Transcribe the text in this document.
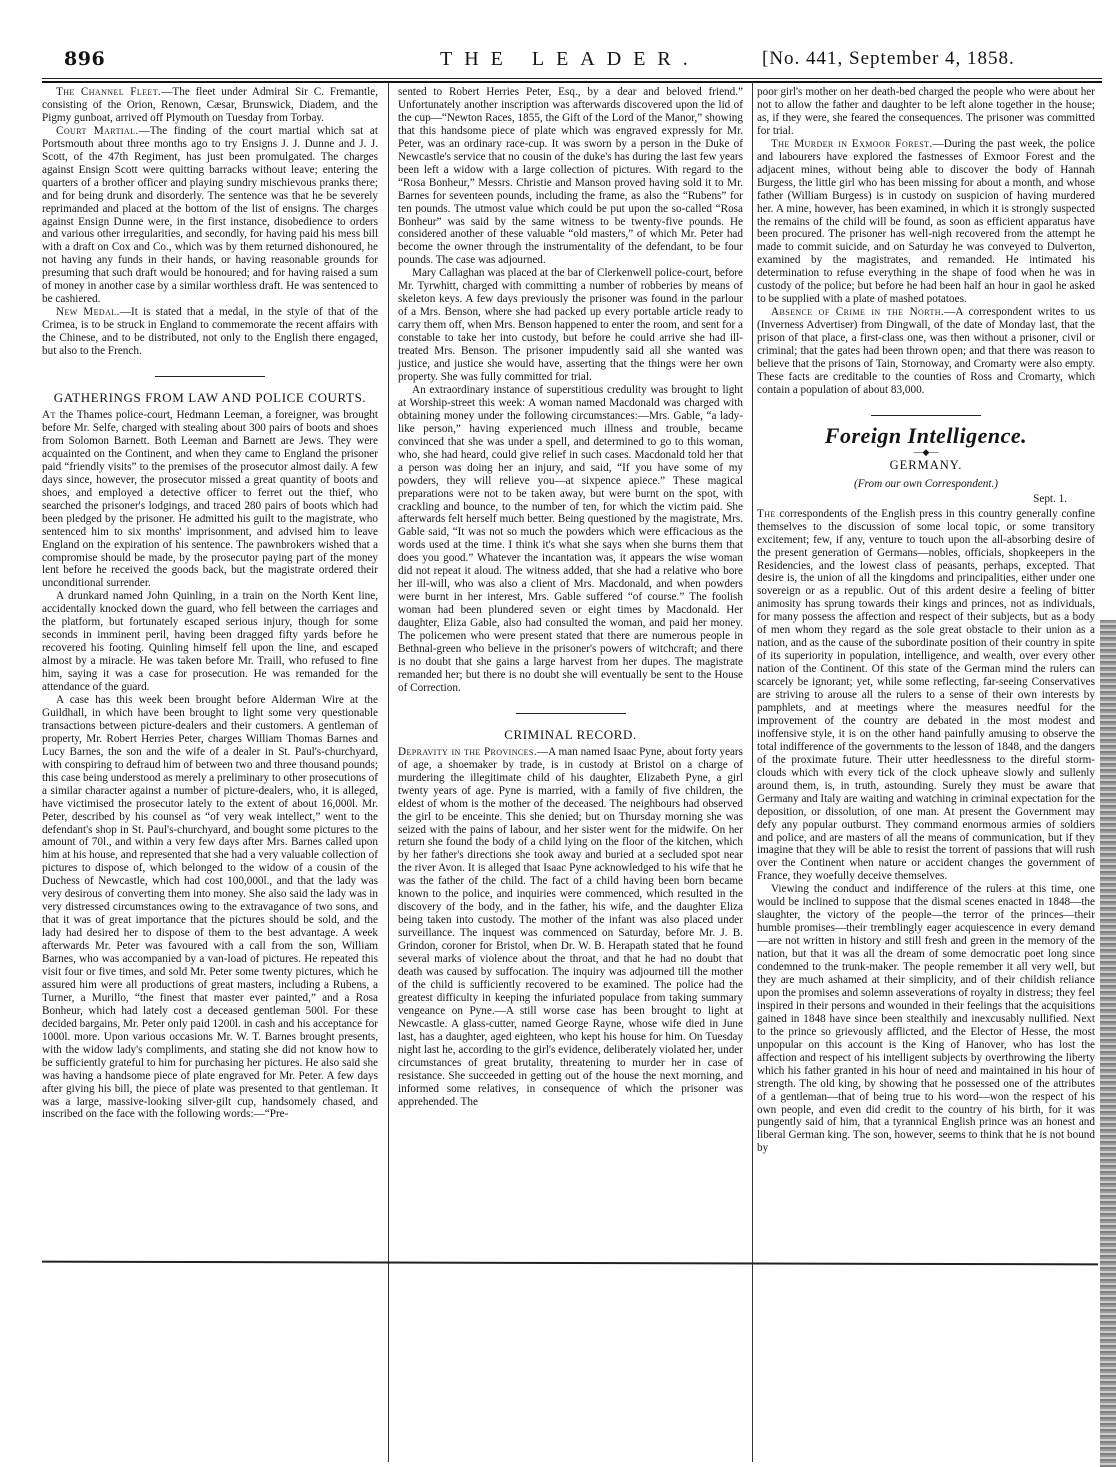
896	THE LEADER.	[No. 441, September 4, 1858.

The Channel Fleet.—The fleet under Admiral Sir C. Fremantle, consisting of the Orion, Renown, Cæsar, Brunswick, Diadem, and the Pigmy gunboat, arrived off Plymouth on Tuesday from Torbay.

Court Martial.—The finding of the court martial which sat at Portsmouth about three months ago to try Ensigns J. J. Dunne and J. J. Scott, of the 47th Regiment, has just been promulgated. The charges against Ensign Scott were quitting barracks without leave; entering the quarters of a brother officer and playing sundry mischievous pranks there; and for being drunk and disorderly. The sentence was that he be severely reprimanded and placed at the bottom of the list of ensigns. The charges against Ensign Dunne were, in the first instance, disobedience to orders and various other irregularities, and secondly, for having paid his mess bill with a draft on Cox and Co., which was by them returned dishonoured, he not having any funds in their hands, or having reasonable grounds for presuming that such draft would be honoured; and for having raised a sum of money in another case by a similar worthless draft. He was sentenced to be cashiered.

New Medal.—It is stated that a medal, in the style of that of the Crimea, is to be struck in England to commemorate the recent affairs with the Chinese, and to be distributed, not only to the English there engaged, but also to the French.

GATHERINGS FROM LAW AND POLICE COURTS.

At the Thames police-court, Hedmann Leeman, a foreigner, was brought before Mr. Selfe, charged with stealing about 300 pairs of boots and shoes from Solomon Barnett. Both Leeman and Barnett are Jews. They were acquainted on the Continent, and when they came to England the prisoner paid “friendly visits” to the premises of the prosecutor almost daily. A few days since, however, the prosecutor missed a great quantity of boots and shoes, and employed a detective officer to ferret out the thief, who searched the prisoner's lodgings, and traced 280 pairs of boots which had been pledged by the prisoner. He admitted his guilt to the magistrate, who sentenced him to six months' imprisonment, and advised him to leave England on the expiration of his sentence. The pawnbrokers wished that a compromise should be made, by the prosecutor paying part of the money lent before he received the goods back, but the magistrate ordered their unconditional surrender.

A drunkard named John Quinling, in a train on the North Kent line, accidentally knocked down the guard, who fell between the carriages and the platform, but fortunately escaped serious injury, though for some seconds in imminent peril, having been dragged fifty yards before he recovered his footing. Quinling himself fell upon the line, and escaped almost by a miracle. He was taken before Mr. Traill, who refused to fine him, saying it was a case for prosecution. He was remanded for the attendance of the guard.

A case has this week been brought before Alderman Wire at the Guildhall, in which have been brought to light some very questionable transactions between picture-dealers and their customers. A gentleman of property, Mr. Robert Herries Peter, charges William Thomas Barnes and Lucy Barnes, the son and the wife of a dealer in St. Paul's-churchyard, with conspiring to defraud him of between two and three thousand pounds; this case being understood as merely a preliminary to other prosecutions of a similar character against a number of picture-dealers, who, it is alleged, have victimised the prosecutor lately to the extent of about 16,000l. Mr. Peter, described by his counsel as “of very weak intellect,” went to the defendant's shop in St. Paul's-churchyard, and bought some pictures to the amount of 70l., and within a very few days after Mrs. Barnes called upon him at his house, and represented that she had a very valuable collection of pictures to dispose of, which belonged to the widow of a cousin of the Duchess of Newcastle, which had cost 100,000l., and that the lady was very desirous of converting them into money. She also said the lady was in very distressed circumstances owing to the extravagance of two sons, and that it was of great importance that the pictures should be sold, and the lady had desired her to dispose of them to the best advantage. A week afterwards Mr. Peter was favoured with a call from the son, William Barnes, who was accompanied by a van-load of pictures. He repeated this visit four or five times, and sold Mr. Peter some twenty pictures, which he assured him were all productions of great masters, including a Rubens, a Turner, a Murillo, “the finest that master ever painted,” and a Rosa Bonheur, which had lately cost a deceased gentleman 500l. For these decided bargains, Mr. Peter only paid 1200l. in cash and his acceptance for 1000l. more. Upon various occasions Mr. W. T. Barnes brought presents, with the widow lady's compliments, and stating she did not know how to be sufficiently grateful to him for purchasing her pictures. He also said she was having a handsome piece of plate engraved for Mr. Peter. A few days after giving his bill, the piece of plate was presented to that gentleman. It was a large, massive-looking silver-gilt cup, handsomely chased, and inscribed on the face with the following words:—“Pre-

sented to Robert Herries Peter, Esq., by a dear and beloved friend.” Unfortunately another inscription was afterwards discovered upon the lid of the cup—“Newton Races, 1855, the Gift of the Lord of the Manor,” showing that this handsome piece of plate which was engraved expressly for Mr. Peter, was an ordinary race-cup. It was sworn by a person in the Duke of Newcastle's service that no cousin of the duke's has during the last few years been left a widow with a large collection of pictures. With regard to the “Rosa Bonheur,” Messrs. Christie and Manson proved having sold it to Mr. Barnes for seventeen pounds, including the frame, as also the “Rubens” for ten pounds. The utmost value which could be put upon the so-called “Rosa Bonheur” was said by the same witness to be twenty-five pounds. He considered another of these valuable “old masters,” of which Mr. Peter had become the owner through the instrumentality of the defendant, to be four pounds. The case was adjourned.

Mary Callaghan was placed at the bar of Clerkenwell police-court, before Mr. Tyrwhitt, charged with committing a number of robberies by means of skeleton keys. A few days previously the prisoner was found in the parlour of a Mrs. Benson, where she had packed up every portable article ready to carry them off, when Mrs. Benson happened to enter the room, and sent for a constable to take her into custody, but before he could arrive she had ill-treated Mrs. Benson. The prisoner impudently said all she wanted was justice, and justice she would have, asserting that the things were her own property. She was fully committed for trial.

An extraordinary instance of superstitious credulity was brought to light at Worship-street this week: A woman named Macdonald was charged with obtaining money under the following circumstances:—Mrs. Gable, “a lady-like person,” having experienced much illness and trouble, became convinced that she was under a spell, and determined to go to this woman, who, she had heard, could give relief in such cases. Macdonald told her that a person was doing her an injury, and said, “If you have some of my powders, they will relieve you—at sixpence apiece.” These magical preparations were not to be taken away, but were burnt on the spot, with crackling and bounce, to the number of ten, for which the victim paid. She afterwards felt herself much better. Being questioned by the magistrate, Mrs. Gable said, “It was not so much the powders which were efficacious as the words used at the time. I think it's what she says when she burns them that does you good.” Whatever the incantation was, it appears the wise woman did not repeat it aloud. The witness added, that she had a relative who bore her ill-will, who was also a client of Mrs. Macdonald, and when powders were burnt in her interest, Mrs. Gable suffered “of course.” The foolish woman had been plundered seven or eight times by Macdonald. Her daughter, Eliza Gable, also had consulted the woman, and paid her money. The policemen who were present stated that there are numerous people in Bethnal-green who believe in the prisoner's powers of witchcraft; and there is no doubt that she gains a large harvest from her dupes. The magistrate remanded her; but there is no doubt she will eventually be sent to the House of Correction.

CRIMINAL RECORD.

Depravity in the Provinces.—A man named Isaac Pyne, about forty years of age, a shoemaker by trade, is in custody at Bristol on a charge of murdering the illegitimate child of his daughter, Elizabeth Pyne, a girl twenty years of age. Pyne is married, with a family of five children, the eldest of whom is the mother of the deceased. The neighbours had observed the girl to be enceinte. This she denied; but on Thursday morning she was seized with the pains of labour, and her sister went for the midwife. On her return she found the body of a child lying on the floor of the kitchen, which by her father's directions she took away and buried at a secluded spot near the river Avon. It is alleged that Isaac Pyne acknowledged to his wife that he was the father of the child. The fact of a child having been born became known to the police, and inquiries were commenced, which resulted in the discovery of the body, and in the father, his wife, and the daughter Eliza being taken into custody. The mother of the infant was also placed under surveillance. The inquest was commenced on Saturday, before Mr. J. B. Grindon, coroner for Bristol, when Dr. W. B. Herapath stated that he found several marks of violence about the throat, and that he had no doubt that death was caused by suffocation. The inquiry was adjourned till the mother of the child is sufficiently recovered to be examined. The police had the greatest difficulty in keeping the infuriated populace from taking summary vengeance on Pyne.—A still worse case has been brought to light at Newcastle. A glass-cutter, named George Rayne, whose wife died in June last, has a daughter, aged eighteen, who kept his house for him. On Tuesday night last he, according to the girl's evidence, deliberately violated her, under circumstances of great brutality, threatening to murder her in case of resistance. She succeeded in getting out of the house the next morning, and informed some relatives, in consequence of which the prisoner was apprehended. The

poor girl's mother on her death-bed charged the people who were about her not to allow the father and daughter to be left alone together in the house; as, if they were, she feared the consequences. The prisoner was committed for trial.

The Murder in Exmoor Forest.—During the past week, the police and labourers have explored the fastnesses of Exmoor Forest and the adjacent mines, without being able to discover the body of Hannah Burgess, the little girl who has been missing for about a month, and whose father (William Burgess) is in custody on suspicion of having murdered her. A mine, however, has been examined, in which it is strongly suspected the remains of the child will be found, as soon as efficient apparatus have been procured. The prisoner has well-nigh recovered from the attempt he made to commit suicide, and on Saturday he was conveyed to Dulverton, examined by the magistrates, and remanded. He intimated his determination to refuse everything in the shape of food when he was in custody of the police; but before he had been half an hour in gaol he asked to be supplied with a plate of mashed potatoes.

Absence of Crime in the North.—A correspondent writes to us (Inverness Advertiser) from Dingwall, of the date of Monday last, that the prison of that place, a first-class one, was then without a prisoner, civil or criminal; that the gates had been thrown open; and that there was reason to believe that the prisons of Tain, Stornoway, and Cromarty were also empty. These facts are creditable to the counties of Ross and Cromarty, which contain a population of about 83,000.

Foreign Intelligence.
—◆—
GERMANY.
(From our own Correspondent.)
Sept. 1.

The correspondents of the English press in this country generally confine themselves to the discussion of some local topic, or some transitory excitement; few, if any, venture to touch upon the all-absorbing desire of the present generation of Germans—nobles, officials, shopkeepers in the Residencies, and the lowest class of peasants, perhaps, excepted. That desire is, the union of all the kingdoms and principalities, either under one sovereign or as a republic. Out of this ardent desire a feeling of bitter animosity has sprung towards their kings and princes, not as individuals, for many possess the affection and respect of their subjects, but as a body of men whom they regard as the sole great obstacle to their union as a nation, and as the cause of the subordinate position of their country in spite of its superiority in population, intelligence, and wealth, over every other nation of the Continent. Of this state of the German mind the rulers can scarcely be ignorant; yet, while some reflecting, far-seeing Conservatives are striving to arouse all the rulers to a sense of their own interests by pamphlets, and at meetings where the measures needful for the improvement of the country are debated in the most modest and inoffensive style, it is on the other hand painfully amusing to observe the total indifference of the governments to the lesson of 1848, and the dangers of the proximate future. Their utter heedlessness to the direful storm-clouds which with every tick of the clock upheave slowly and sullenly around them, is, in truth, astounding. Surely they must be aware that Germany and Italy are waiting and watching in criminal expectation for the deposition, or dissolution, of one man. At present the Government may defy any popular outburst. They command enormous armies of soldiers and police, and are masters of all the means of communication, but if they imagine that they will be able to resist the torrent of passions that will rush over the Continent when nature or accident changes the government of France, they woefully deceive themselves.

Viewing the conduct and indifference of the rulers at this time, one would be inclined to suppose that the dismal scenes enacted in 1848—the slaughter, the victory of the people—the terror of the princes—their humble promises—their tremblingly eager acquiescence in every demand—are not written in history and still fresh and green in the memory of the nation, but that it was all the dream of some democratic poet long since condemned to the trunk-maker. The people remember it all very well, but they are much ashamed at their simplicity, and of their childish reliance upon the promises and solemn asseverations of royalty in distress; they feel inspired in their persons and wounded in their feelings that the acquisitions gained in 1848 have since been stealthily and inexcusably nullified. Next to the prince so grievously afflicted, and the Elector of Hesse, the most unpopular on this account is the King of Hanover, who has lost the affection and respect of his intelligent subjects by overthrowing the liberty which his father granted in his hour of need and maintained in his hour of strength. The old king, by showing that he possessed one of the attributes of a gentleman—that of being true to his word—won the respect of his own people, and even did credit to the country of his birth, for it was pungently said of him, that a tyrannical English prince was an honest and liberal German king. The son, however, seems to think that he is not bound by
